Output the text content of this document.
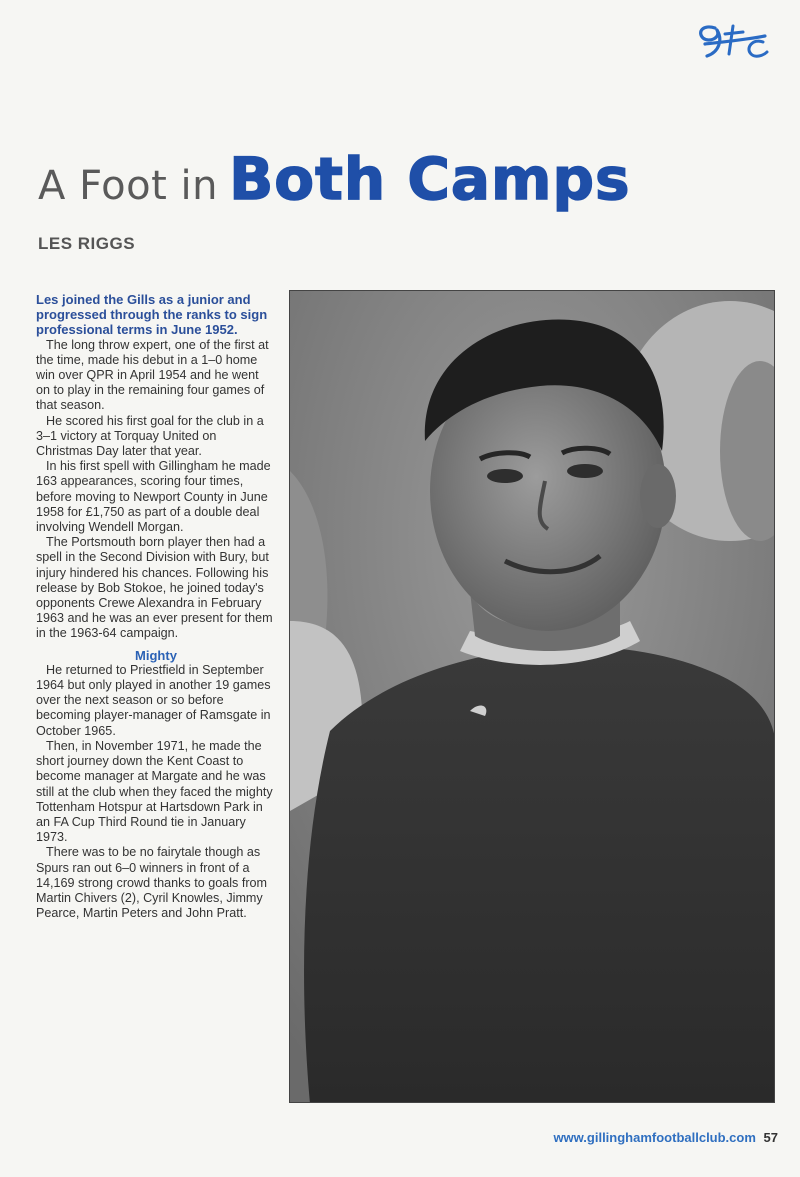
A Foot in Both Camps
LES RIGGS

Les joined the Gills as a junior and progressed through the ranks to sign professional terms in June 1952.

The long throw expert, one of the first at the time, made his debut in a 1–0 home win over QPR in April 1954 and he went on to play in the remaining four games of that season.

He scored his first goal for the club in a 3–1 victory at Torquay United on Christmas Day later that year.

In his first spell with Gillingham he made 163 appearances, scoring four times, before moving to Newport County in June 1958 for £1,750 as part of a double deal involving Wendell Morgan.

The Portsmouth born player then had a spell in the Second Division with Bury, but injury hindered his chances. Following his release by Bob Stokoe, he joined today's opponents Crewe Alexandra in February 1963 and he was an ever present for them in the 1963-64 campaign.

Mighty

He returned to Priestfield in September 1964 but only played in another 19 games over the next season or so before becoming player-manager of Ramsgate in October 1965.

Then, in November 1971, he made the short journey down the Kent Coast to become manager at Margate and he was still at the club when they faced the mighty Tottenham Hotspur at Hartsdown Park in an FA Cup Third Round tie in January 1973.

There was to be no fairytale though as Spurs ran out 6–0 winners in front of a 14,169 strong crowd thanks to goals from Martin Chivers (2), Cyril Knowles, Jimmy Pearce, Martin Peters and John Pratt.

www.gillinghamfootballclub.com 57
